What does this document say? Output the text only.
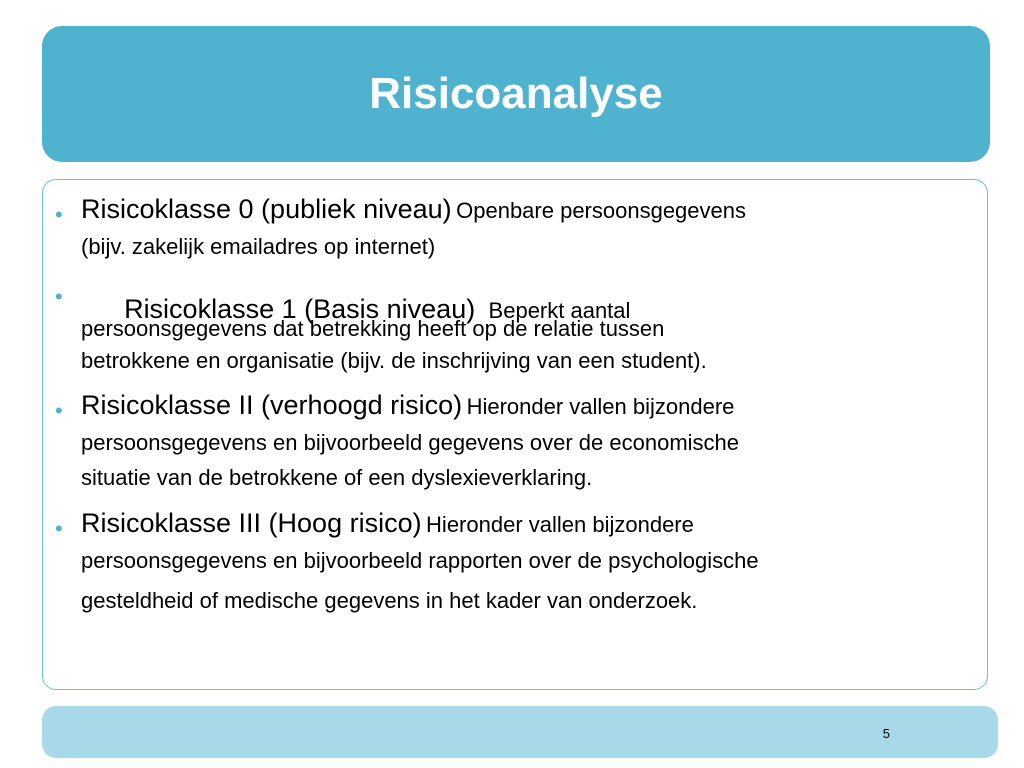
Risicoanalyse
• Risicoklasse 0 (publiek niveau) Openbare persoonsgegevens
(bijv. zakelijk emailadres op internet)
•	Risicoklasse 1 (Basis niveau) Beperkt aantal

persoonsgegevens dat betrekking heeft op de relatie tussen
betrokkene en organisatie (bijv. de inschrijving van een student).
• Risicoklasse II (verhoogd risico) Hieronder vallen bijzondere
persoonsgegevens en bijvoorbeeld gegevens over de economische
situatie van de betrokkene of een dyslexieverklaring.
• Risicoklasse III (Hoog risico) Hieronder vallen bijzondere
persoonsgegevens en bijvoorbeeld rapporten over de psychologische
gesteldheid of medische gegevens in het kader van onderzoek.
5
